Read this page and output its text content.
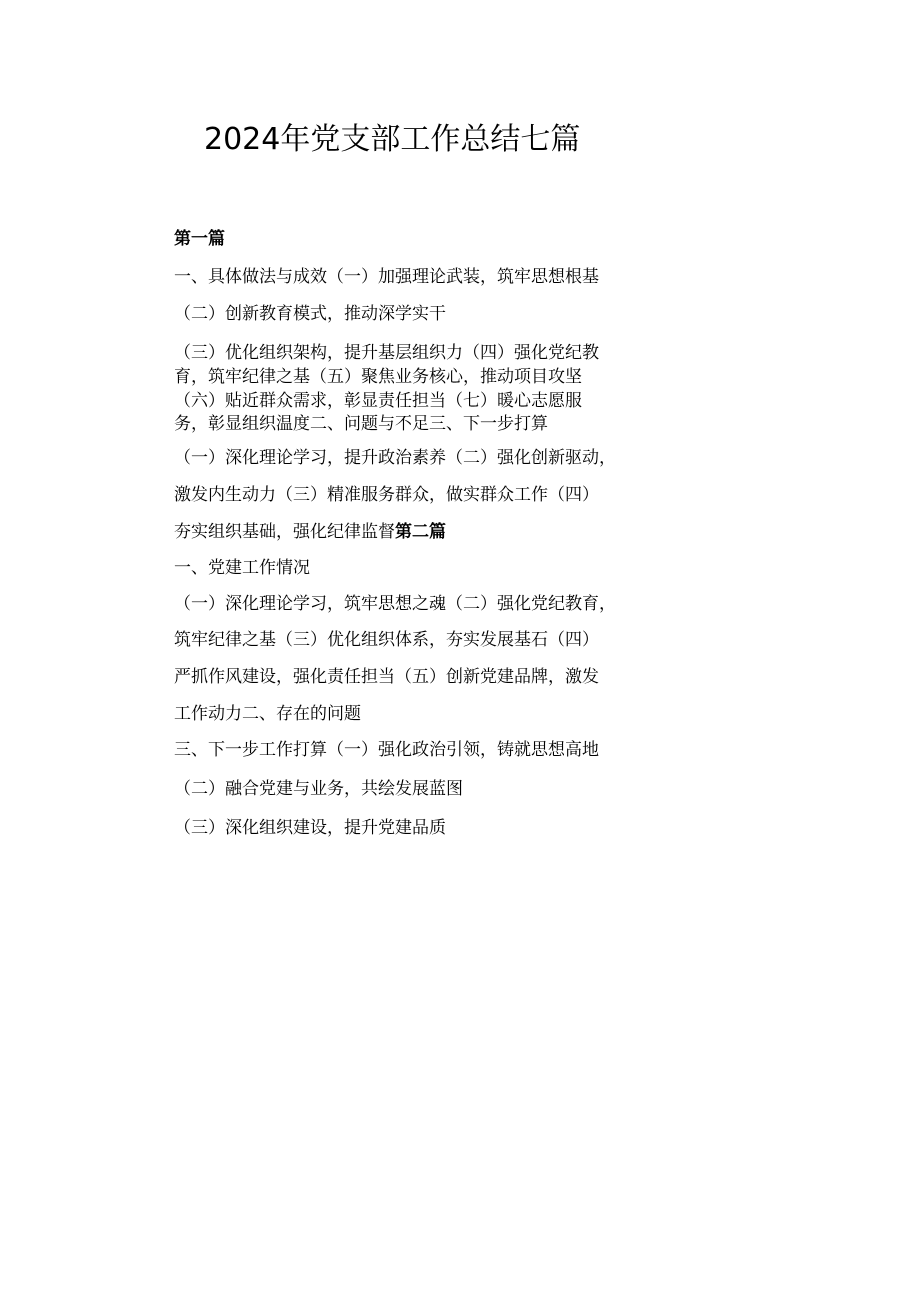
2024年党支部工作总结七篇
第一篇
一、具体做法与成效（一）加强理论武装，筑牢思想根基
（二）创新教育模式，推动深学实干
（三）优化组织架构，提升基层组织力（四）强化党纪教
育，筑牢纪律之基（五）聚焦业务核心，推动项目攻坚
（六）贴近群众需求，彰显责任担当（七）暖心志愿服
务，彰显组织温度二、问题与不足三、下一步打算
（一）深化理论学习，提升政治素养（二）强化创新驱动，
激发内生动力（三）精准服务群众，做实群众工作（四）
夯实组织基础，强化纪律监督第二篇
一、党建工作情况
（一）深化理论学习，筑牢思想之魂（二）强化党纪教育，
筑牢纪律之基（三）优化组织体系，夯实发展基石（四）
严抓作风建设，强化责任担当（五）创新党建品牌，激发
工作动力二、存在的问题
三、下一步工作打算（一）强化政治引领，铸就思想高地
（二）融合党建与业务，共绘发展蓝图
（三）深化组织建设，提升党建品质
